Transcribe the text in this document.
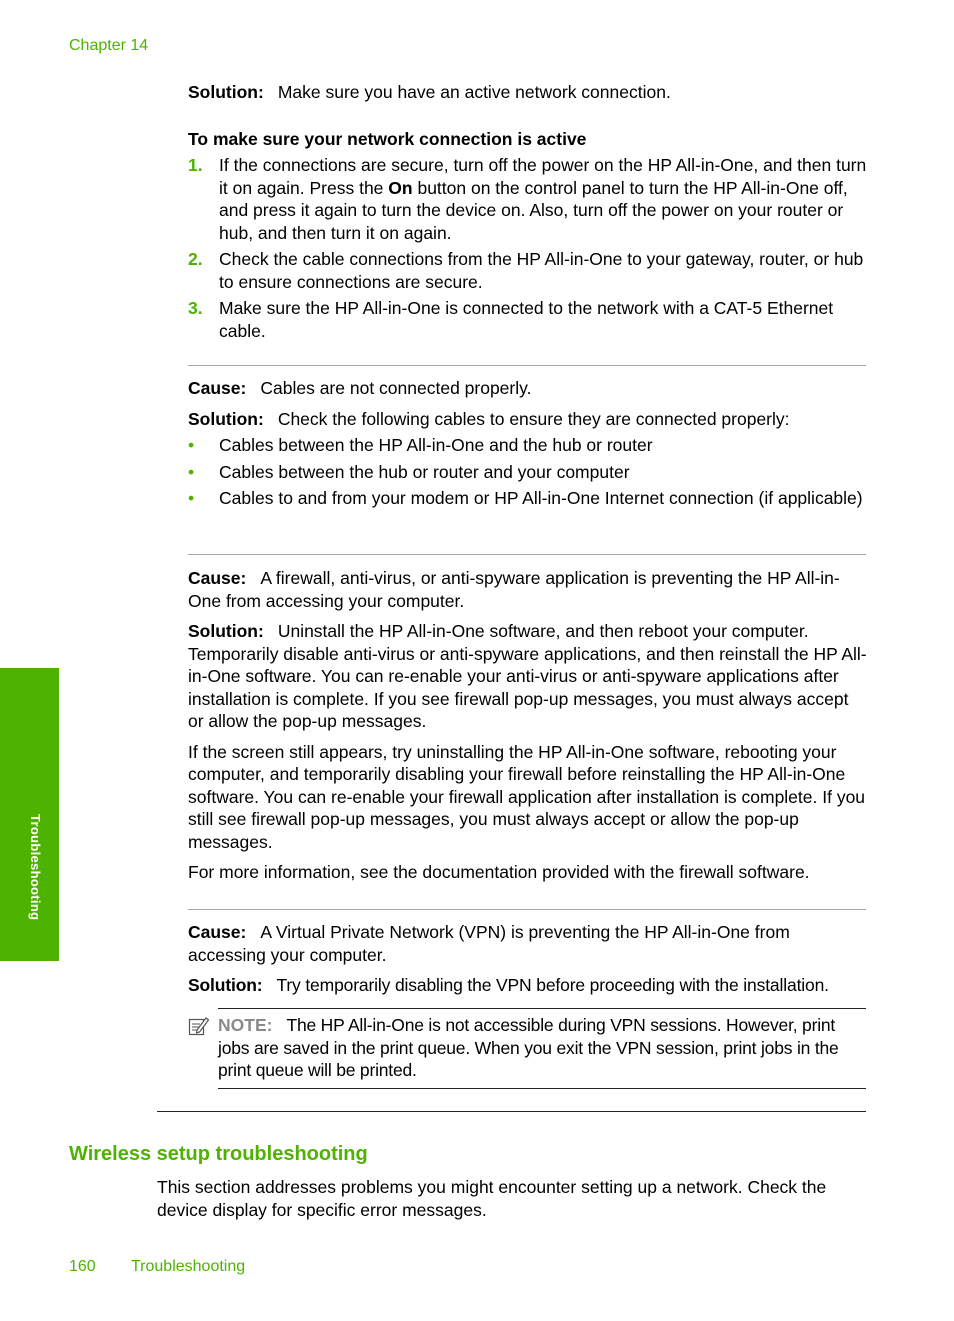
Chapter 14

Solution: Make sure you have an active network connection.

To make sure your network connection is active

1. If the connections are secure, turn off the power on the HP All-in-One, and then turn it on again. Press the On button on the control panel to turn the HP All-in-One off, and press it again to turn the device on. Also, turn off the power on your router or hub, and then turn it on again.
2. Check the cable connections from the HP All-in-One to your gateway, router, or hub to ensure connections are secure.
3. Make sure the HP All-in-One is connected to the network with a CAT-5 Ethernet cable.

Cause: Cables are not connected properly.

Solution: Check the following cables to ensure they are connected properly:

• Cables between the HP All-in-One and the hub or router
• Cables between the hub or router and your computer
• Cables to and from your modem or HP All-in-One Internet connection (if applicable)

Cause: A firewall, anti-virus, or anti-spyware application is preventing the HP All-in-One from accessing your computer.

Solution: Uninstall the HP All-in-One software, and then reboot your computer. Temporarily disable anti-virus or anti-spyware applications, and then reinstall the HP All-in-One software. You can re-enable your anti-virus or anti-spyware applications after installation is complete. If you see firewall pop-up messages, you must always accept or allow the pop-up messages.

If the screen still appears, try uninstalling the HP All-in-One software, rebooting your computer, and temporarily disabling your firewall before reinstalling the HP All-in-One software. You can re-enable your firewall application after installation is complete. If you still see firewall pop-up messages, you must always accept or allow the pop-up messages.

For more information, see the documentation provided with the firewall software.

Cause: A Virtual Private Network (VPN) is preventing the HP All-in-One from accessing your computer.

Solution: Try temporarily disabling the VPN before proceeding with the installation.

NOTE: The HP All-in-One is not accessible during VPN sessions. However, print jobs are saved in the print queue. When you exit the VPN session, print jobs in the print queue will be printed.
Wireless setup troubleshooting
This section addresses problems you might encounter setting up a network. Check the device display for specific error messages.
Troubleshooting
160 Troubleshooting
